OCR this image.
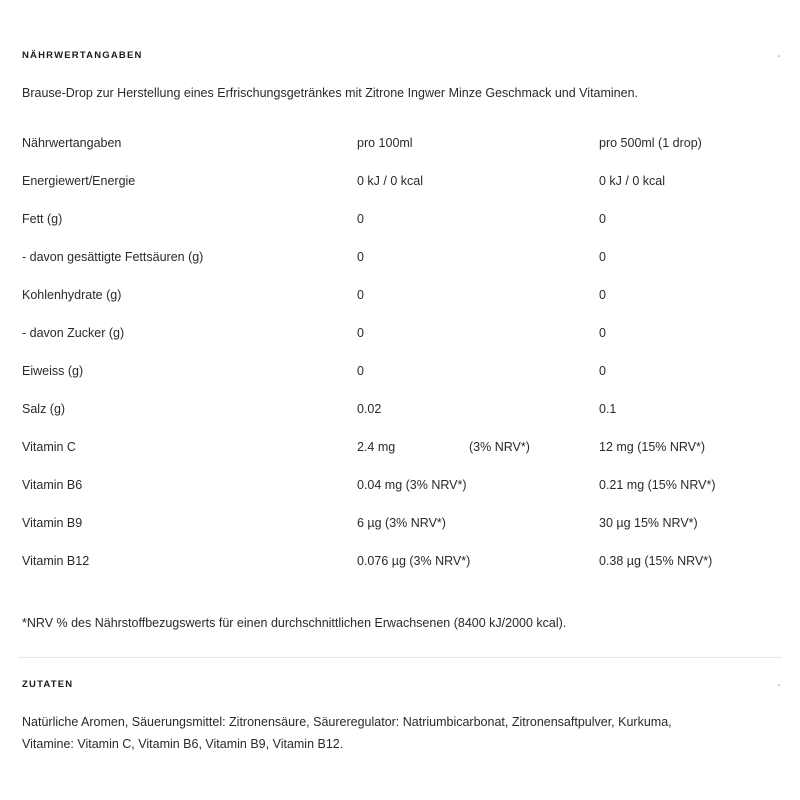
NÄHRWERTANGABEN	-
Brause-Drop zur Herstellung eines Erfrischungsgetränkes mit Zitrone Ingwer Minze Geschmack und Vitaminen.
Nährwertangaben	pro 100ml	pro 500ml (1 drop)
Energiewert/Energie	0 kJ / 0 kcal	0 kJ / 0 kcal
Fett (g)	0	0
- davon gesättigte Fettsäuren (g)	0	0
Kohlenhydrate (g)	0	0
- davon Zucker (g)	0	0
Eiweiss (g)	0	0
Salz (g)	0.02	0.1
Vitamin C	2.4 mg (3% NRV*)	12 mg (15% NRV*)
Vitamin B6	0.04 mg (3% NRV*)	0.21 mg (15% NRV*)
Vitamin B9	6 µg (3% NRV*)	30 µg 15% NRV*)
Vitamin B12	0.076 µg (3% NRV*)	0.38 µg (15% NRV*)
*NRV % des Nährstoffbezugswerts für einen durchschnittlichen Erwachsenen (8400 kJ/2000 kcal).
ZUTATEN	-
Natürliche Aromen, Säuerungsmittel: Zitronensäure, Säureregulator: Natriumbicarbonat, Zitronensaftpulver, Kurkuma,
Vitamine: Vitamin C, Vitamin B6, Vitamin B9, Vitamin B12.
